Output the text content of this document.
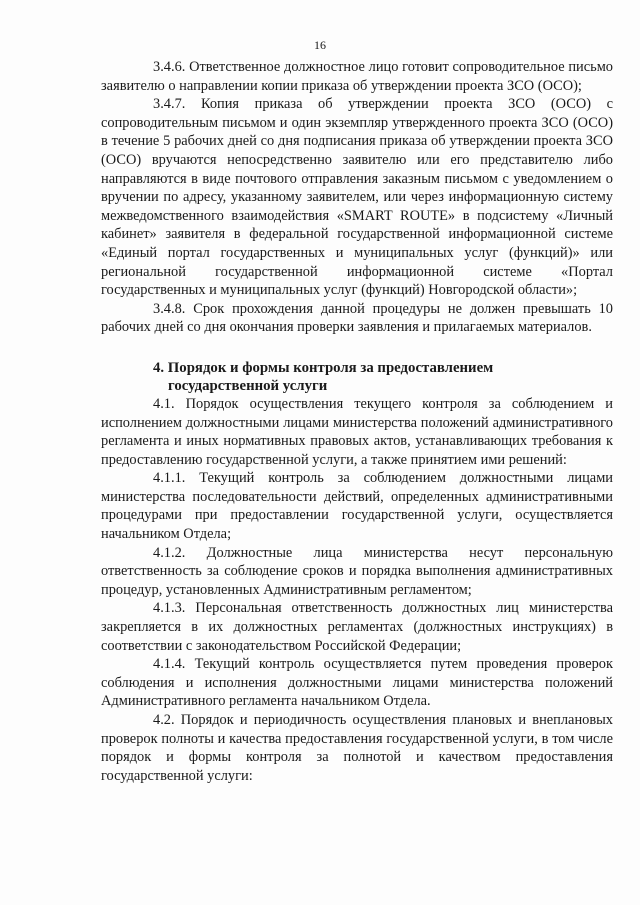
16

3.4.6. Ответственное должностное лицо готовит сопроводительное письмо заявителю о направлении копии приказа об утверждении проекта ЗСО (ОСО);

3.4.7. Копия приказа об утверждении проекта ЗСО (ОСО) с сопроводительным письмом и один экземпляр утвержденного проекта ЗСО (ОСО) в течение 5 рабочих дней со дня подписания приказа об утверждении проекта ЗСО (ОСО) вручаются непосредственно заявителю или его представителю либо направляются в виде почтового отправления заказным письмом с уведомлением о вручении по адресу, указанному заявителем, или через информационную систему межведомственного взаимодействия «SMART ROUTE» в подсистему «Личный кабинет» заявителя в федеральной государственной информационной системе «Единый портал государственных и муниципальных услуг (функций)» или региональной государственной информационной системе «Портал государственных и муниципальных услуг (функций) Новгородской области»;

3.4.8. Срок прохождения данной процедуры не должен превышать 10 рабочих дней со дня окончания проверки заявления и прилагаемых материалов.

4. Порядок и формы контроля за предоставлением
государственной услуги

4.1. Порядок осуществления текущего контроля за соблюдением и исполнением должностными лицами министерства положений административного регламента и иных нормативных правовых актов, устанавливающих требования к предоставлению государственной услуги, а также принятием ими решений:

4.1.1. Текущий контроль за соблюдением должностными лицами министерства последовательности действий, определенных административными процедурами при предоставлении государственной услуги, осуществляется начальником Отдела;

4.1.2. Должностные лица министерства несут персональную ответственность за соблюдение сроков и порядка выполнения административных процедур, установленных Административным регламентом;

4.1.3. Персональная ответственность должностных лиц министерства закрепляется в их должностных регламентах (должностных инструкциях) в соответствии с законодательством Российской Федерации;

4.1.4. Текущий контроль осуществляется путем проведения проверок соблюдения и исполнения должностными лицами министерства положений Административного регламента начальником Отдела.

4.2. Порядок и периодичность осуществления плановых и внеплановых проверок полноты и качества предоставления государственной услуги, в том числе порядок и формы контроля за полнотой и качеством предоставления государственной услуги:
